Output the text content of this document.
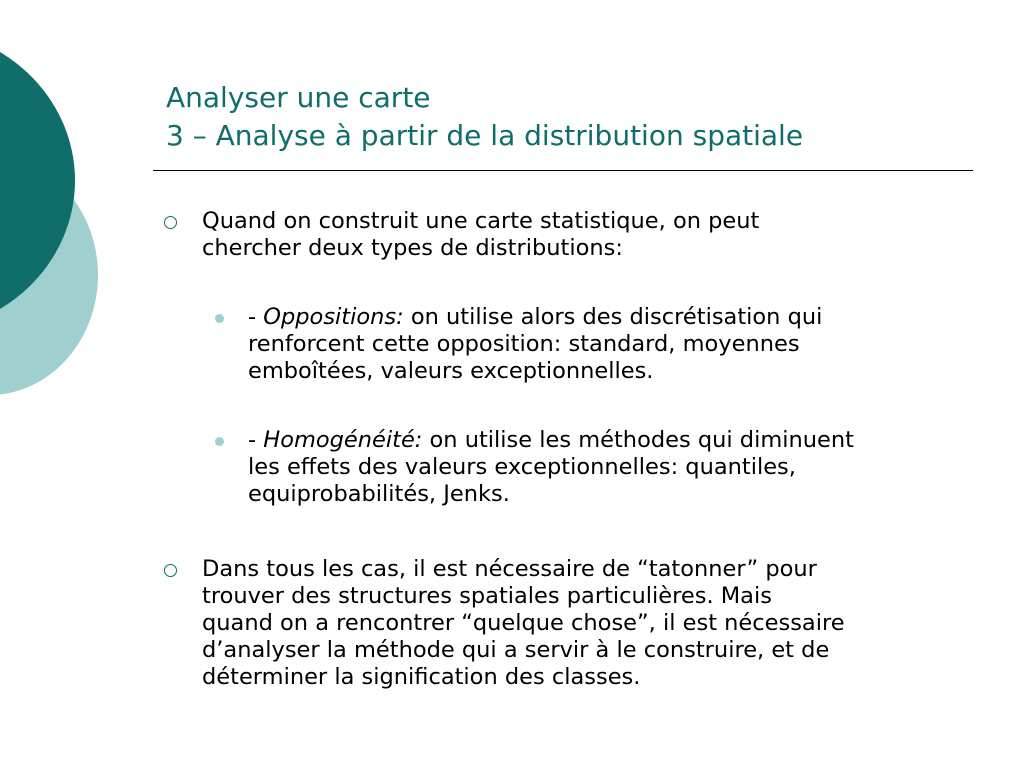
Analyser une carte
3 – Analyse à partir de la distribution spatiale
Quand on construit une carte statistique, on peut
chercher deux types de distributions:
- Oppositions: on utilise alors des discrétisation qui
renforcent cette opposition: standard, moyennes
emboîtées, valeurs exceptionnelles.
- Homogénéité: on utilise les méthodes qui diminuent
les effets des valeurs exceptionnelles: quantiles,
equiprobabilités, Jenks.
Dans tous les cas, il est nécessaire de “tatonner” pour
trouver des structures spatiales particulières. Mais
quand on a rencontrer “quelque chose”, il est nécessaire
d’analyser la méthode qui a servir à le construire, et de
déterminer la signification des classes.
